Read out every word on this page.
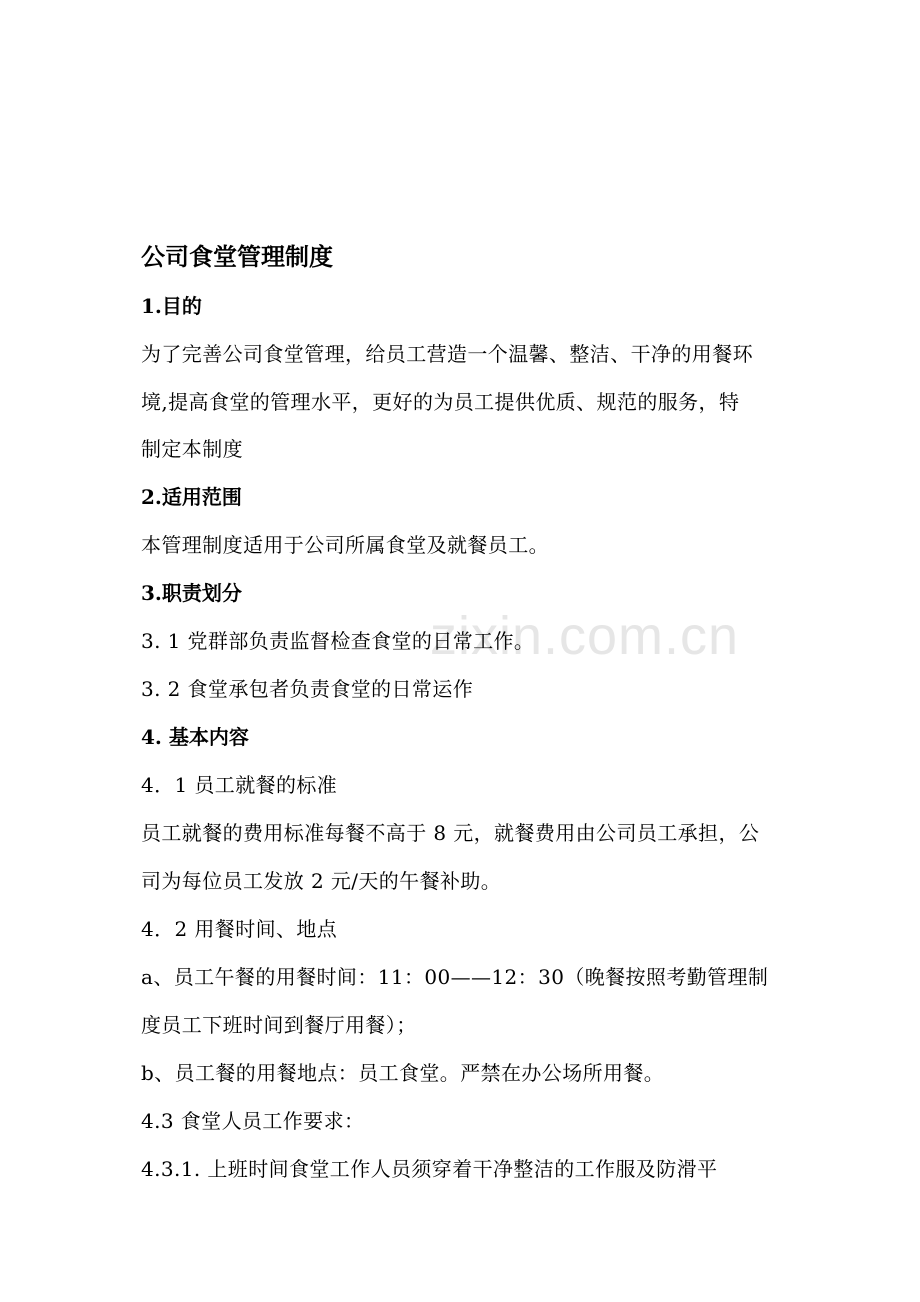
zixin.com.cn
公司食堂管理制度
1.目的
为了完善公司食堂管理，给员工营造一个温馨、整洁、干净的用餐环
境,提高食堂的管理水平，更好的为员工提供优质、规范的服务，特
制定本制度
2.适用范围
本管理制度适用于公司所属食堂及就餐员工。
3.职责划分
3. 1 党群部负责监督检查食堂的日常工作。
3. 2 食堂承包者负责食堂的日常运作
4. 基本内容
4．1 员工就餐的标准
员工就餐的费用标准每餐不高于 8 元，就餐费用由公司员工承担，公
司为每位员工发放 2 元/天的午餐补助。
4．2 用餐时间、地点
a、员工午餐的用餐时间：11：00——12：30（晚餐按照考勤管理制
度员工下班时间到餐厅用餐）；
b、员工餐的用餐地点：员工食堂。严禁在办公场所用餐。
4.3 食堂人员工作要求：
4.3.1. 上班时间食堂工作人员须穿着干净整洁的工作服及防滑平
